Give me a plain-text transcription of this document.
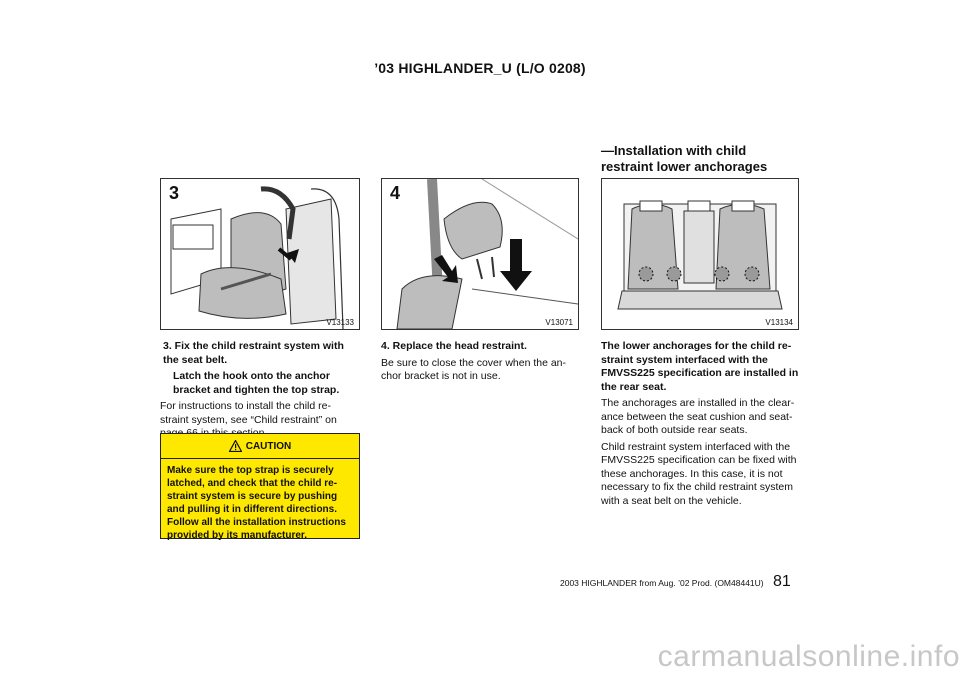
’03 HIGHLANDER_U (L/O 0208)
—Installation with child
restraint lower anchorages
3
V13133
4
V13071	V13134
3. Fix the child restraint system with
the seat belt.
Latch the hook onto the anchor
bracket and tighten the top strap.
For instructions to install the child re-
straint system, see “Child restraint” on
CAUTION
Make sure the top strap is securely
latched, and check that the child re-
straint system is secure by pushing
and pulling it in different directions.
Follow all the installation instructions
provided by its manufacturer.
4. Replace the head restraint.
Be sure to close the cover when the an-
chor bracket is not in use.
The lower anchorages for the child re-
straint system interfaced with the
FMVSS225 specification are installed in
the rear seat.
The anchorages are installed in the clear-
ance between the seat cushion and seat-
back of both outside rear seats.
Child restraint system interfaced with the
FMVSS225 specification can be fixed with
these anchorages. In this case, it is not
necessary to fix the child restraint system
with a seat belt on the vehicle.
2003 HIGHLANDER from Aug. ’02 Prod. (OM48441U) 81
carmanualsonline.info
